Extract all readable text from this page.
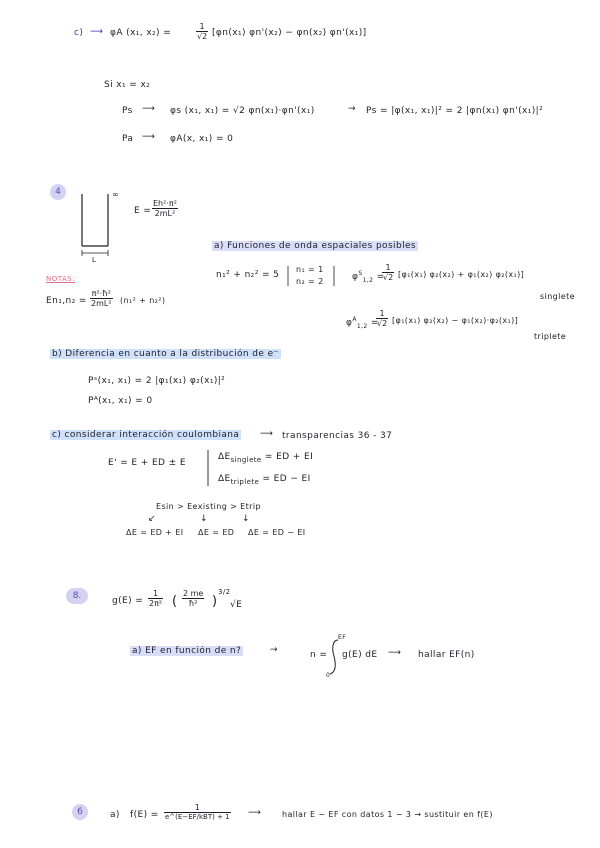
c) ⟶ φA (x₁, x₂) =	$\frac{1}{√2} [\varphi n(x_1) \varphi n'(x_2) - \varphi n(x_2)$ φn'(x₁)]
Si x₁ = x₂
Ps ⟶ φs (x₁, x₁) = √2 φn(x₁)·φn'(x₁)	→ Ps = |φ(x₁, x₁)|² = 2 |φn(x₁) φn'(x₁)|²
Pa ⟶ φA(x, x₁) = 0
4	∞
L
$E = \frac{\text{Eh²·π²}}{\text{2mL²}}$
a) Funciones de onda espaciales posibles
n₁² + n₂² = 5
n₁ = 1
n₂ = 2	$\varphi^S_{1,2}$ =
$\frac{1}{√2} [\varphi_1(x_1) \varphi_2(x_2) + \varphi_1(x_2)$ φ₂(x₁)]
singlete
NOTAS:
$En_1,n_2 = \frac{\text{π²·ħ²}}{\text{2mL²}} (n_1^2 + n_2^2)$
$\varphi^A_{1,2}$ =
$\frac{1}{√2} [\varphi_1(x_1) \varphi_2(x_2) - \varphi_1(x_2)\cdot\varphi_2(x_1)]$
triplete
b) Diferencia en cuanto a la distribución de e⁻
Pˢ(x₁, x₁) = 2 |φ₁(x₁) φ₂(x₁)|²
Pᴬ(x₁, x₁) = 0
c) considerar interacción coulombiana ⟶ transparencias 36 - 37
E' = E + ED ± E
$\Delta E_{singlete}$ = ED + EI
$\Delta E_{triplete}$ = ED − EI
Esin > Eexisting > Etrip
↙	↓	↓
ΔE = ED + EI ΔE = ED ΔE = ED − EI
8.	$g(E) = \frac{1}{\text{2π²}}$ ( $\frac{2 me}{\text{ħ²}}$ )
3/2
√E
a) EF en función de n?	→	n =
EF
0
g(E) dE ⟶ hallar EF(n)
6	a) f(E) =
1
e^(E−EF/kBT) + 1 ⟶	hallar E − EF con datos 1 − 3 → sustituir en f(E)
